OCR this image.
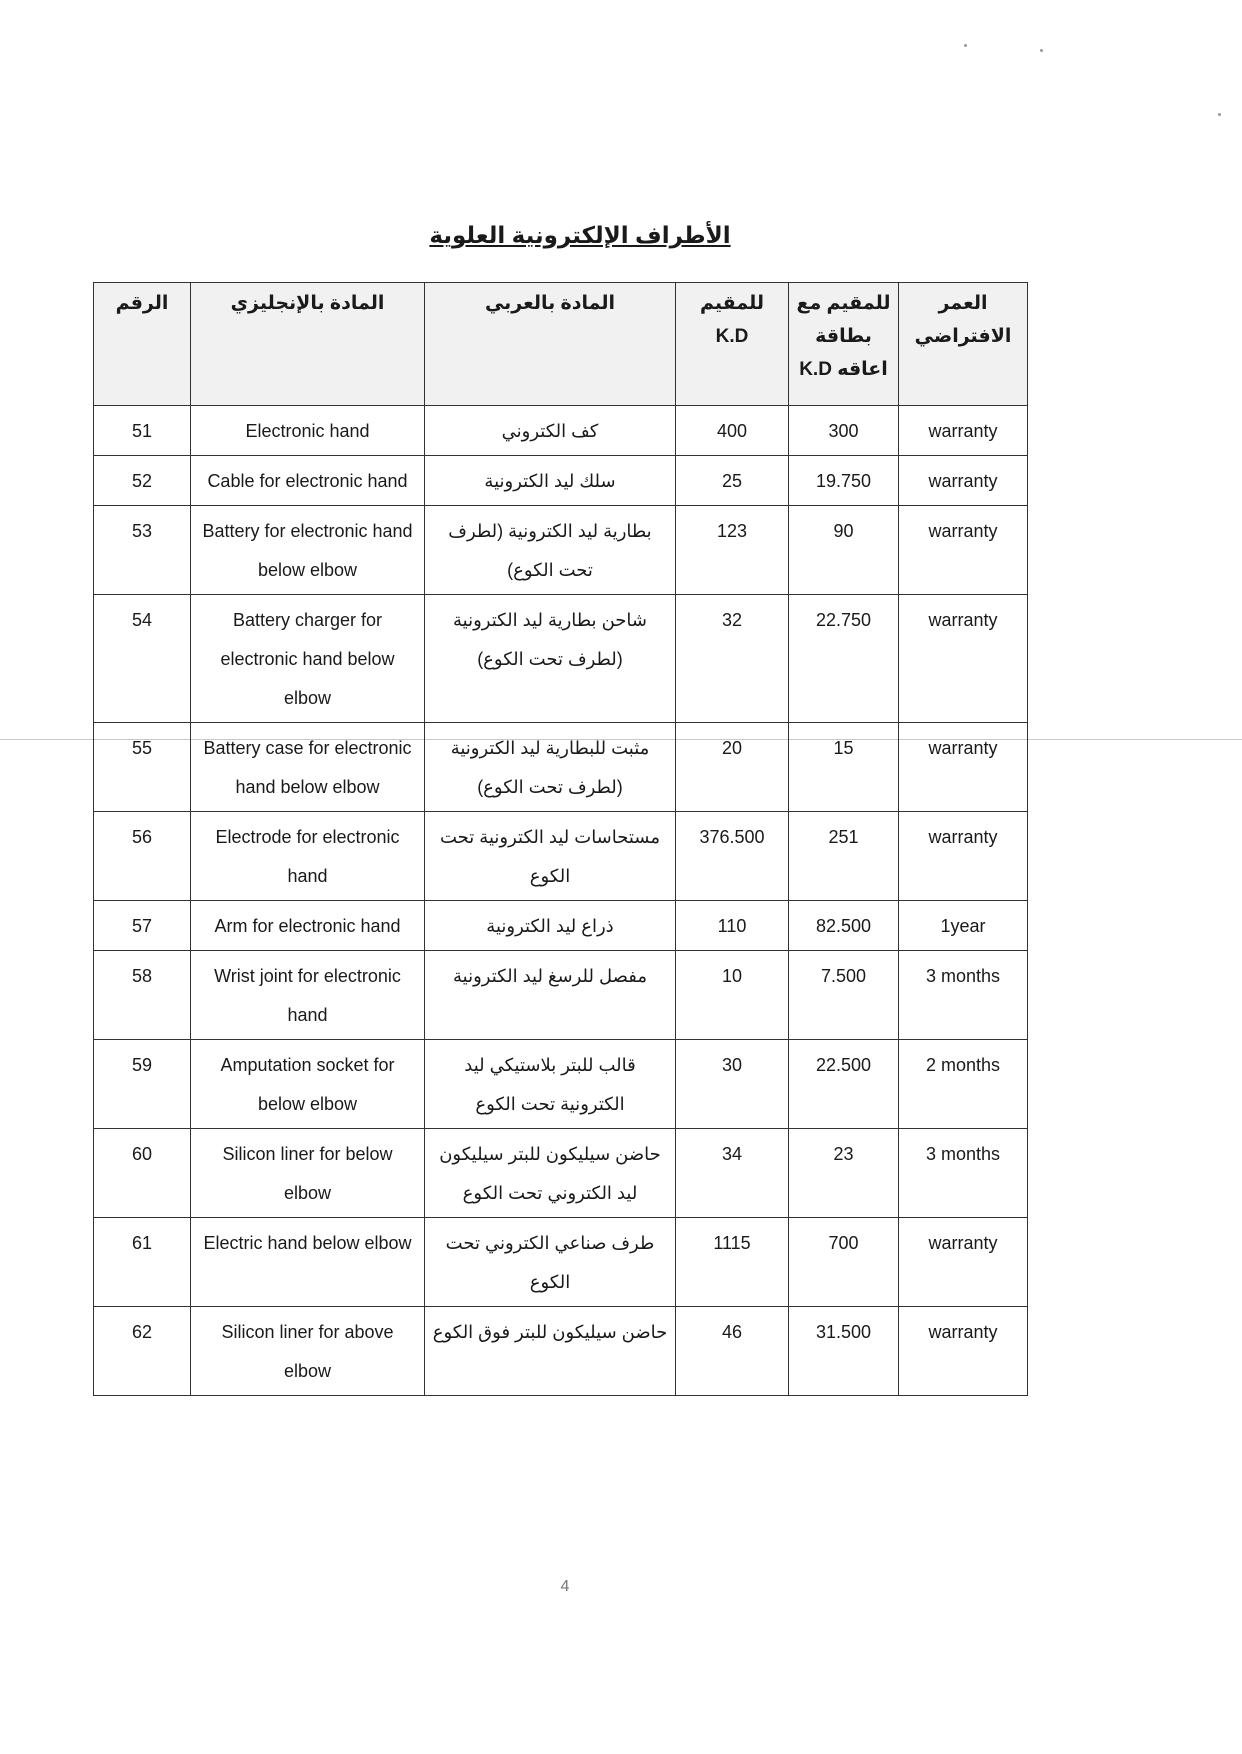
الأطراف الإلكترونية العلوية
الرقم	المادة بالإنجليزي	المادة بالعربي	للمقيم K.D	للمقيم مع بطاقة اعاقه K.D	العمر الافتراضي
51	Electronic hand	كف الكتروني	400	300	warranty
52	Cable for electronic hand	سلك ليد الكترونية	25	19.750	warranty
53	Battery for electronic hand below elbow	بطارية ليد الكترونية (لطرف تحت الكوع)	123	90	warranty
54	Battery charger for electronic hand below elbow	شاحن بطارية ليد الكترونية (لطرف تحت الكوع)	32	22.750	warranty
55	Battery case for electronic hand below elbow	مثبت للبطارية ليد الكترونية (لطرف تحت الكوع)	20	15	warranty
56	Electrode for electronic hand	مستحاسات ليد الكترونية تحت الكوع	376.500	251	warranty
57	Arm for electronic hand	ذراع ليد الكترونية	110	82.500	1year
58	Wrist joint for electronic hand	مفصل للرسغ ليد الكترونية	10	7.500	3 months
59	Amputation socket for below elbow	قالب للبتر بلاستيكي ليد الكترونية تحت الكوع	30	22.500	2 months
60	Silicon liner for below elbow	حاضن سيليكون للبتر سيليكون ليد الكتروني تحت الكوع	34	23	3 months
61	Electric hand below elbow	طرف صناعي الكتروني تحت الكوع	1115	700	warranty
62	Silicon liner for above elbow	حاضن سيليكون للبتر فوق الكوع	46	31.500	warranty
4
